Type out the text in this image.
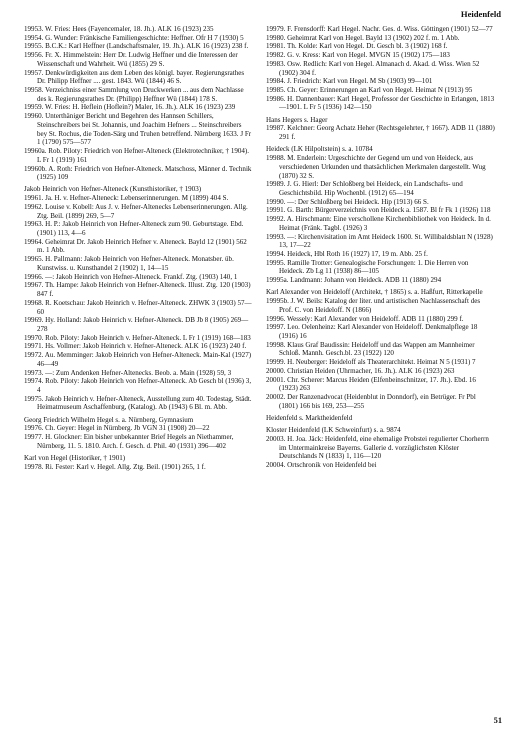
Heidenfeld

19953. W. Fries: Hees (Fayencemaler, 18. Jh.). ALK 16 (1923) 235

19954. G. Wunder: Fränkische Familiengeschichte: Heffner. Ofr H 7 (1930) 5

19955. B.C.K.: Karl Heffner (Landschaftsmaler, 19. Jh.). ALK 16 (1923) 238 f.

19956. Fr. X. Himmelstein: Herr Dr. Ludwig Heffner und die Interessen der Wissenschaft und Wahrheit. Wü (1855) 29 S.

19957. Denkwürdigkeiten aus dem Leben des königl. bayer. Regierungsrathes Dr. Philipp Heffner .... gest. 1843. Wü (1844) 46 S.

19958. Verzeichniss einer Sammlung von Druckwerken ... aus dem Nachlasse des k. Regierungsrathes Dr. (Philipp) Heffner Wü (1844) 178 S.

19959. W. Fries: H. Heflein (Hoflein?) Maler, 16. Jh.). ALK 16 (1923) 239

19960. Unterthäniger Bericht und Begehren des Hannsen Schillers, Steinschreibers bei St. Johannis, und Joachim Hefners ... Steinschreibers bey St. Rochus, die Toden-Särg und Truhen betreffend. Nürnberg 1633. J Fr 1 (1790) 575—577

19960a. Rob. Piloty: Friedrich von Hefner-Alteneck (Elektrotechniker, † 1904). L Fr 1 (1919) 161

19960b. A. Roth: Friedrich von Hefner-Alteneck. Matschoss, Männer d. Technik (1925) 109

Jakob Heinrich von Hefner-Alteneck (Kunsthistoriker, † 1903)

19961. Ja. H. v. Hefner-Alteneck: Lebenserinnerungen. M (1899) 404 S.

19962. Louise v. Kobell: Aus J. v. Hefner-Altenecks Lebenserinnerungen. Allg. Ztg. Beil. (1899) 269, 5—7

19963. H. P.: Jakob Heinrich von Hefner-Alteneck zum 90. Geburtstage. Ebd. (1901) 113, 4—6

19964. Geheimrat Dr. Jakob Heinrich Hefner v. Alteneck. Bayld 12 (1901) 562 m. 1 Abb.

19965. H. Pallmann: Jakob Heinrich von Hefner-Alteneck. Monatsber. üb. Kunstwiss. u. Kunsthandel 2 (1902) 1, 14—15

19966. —: Jakob Heinrich von Hefner-Alteneck. Frankf. Ztg. (1903) 140, 1

19967. Th. Hampe: Jakob Heinrich von Hefner-Alteneck. Illust. Ztg. 120 (1903) 847 f.

19968. R. Koetschau: Jakob Heinrich v. Hefner-Alteneck. ZHWK 3 (1903) 57—60

19969. Hy. Holland: Jakob Heinrich v. Hefner-Alteneck. DB Jb 8 (1905) 269—278

19970. Rob. Piloty: Jakob Heinrich v. Hefner-Alteneck. L Fr 1 (1919) 168—183

19971. Hs. Vollmer: Jakob Heinrich v. Hefner-Alteneck. ALK 16 (1923) 240 f.

19972. Au. Memminger: Jakob Heinrich von Hefner-Alteneck. Main-Kal (1927) 46—49

19973. —: Zum Andenken Hefner-Altenecks. Beob. a. Main (1928) 59, 3

19974. Rob. Piloty: Jakob Heinrich von Hefner-Alteneck. Ab Gesch bl (1936) 3, 4

19975. Jakob Heinrich v. Hefner-Alteneck, Ausstellung zum 40. Todestag, Städt. Heimatmuseum Aschaffenburg, (Katalog). Ab (1943) 6 Bl. m. Abb.

Georg Friedrich Wilhelm Hegel s. a. Nürnberg, Gymnasium

19976. Ch. Geyer: Hegel in Nürnberg. Jb VGN 31 (1908) 20—22

19977. H. Glockner: Ein bisher unbekannter Brief Hegels an Niethammer, Nürnberg, 11. 5. 1810. Arch. f. Gesch. d. Phil. 40 (1931) 396—402

Karl von Hegel (Historiker, † 1901)

19978. Ri. Fester: Karl v. Hegel. Allg. Ztg. Beil. (1901) 265, 1 f.

19979. F. Frensdorff: Karl Hegel. Nachr. Ges. d. Wiss. Göttingen (1901) 52—77

19980. Geheimrat Karl von Hegel. Bayld 13 (1902) 202 f. m. 1 Abb.

19981. Th. Kolde: Karl von Hegel. Dt. Gesch bl. 3 (1902) 168 f.

19982. G. v. Kress: Karl von Hegel. MVGN 15 (1902) 175—183

19983. Osw. Redlich: Karl von Hegel. Almanach d. Akad. d. Wiss. Wien 52 (1902) 304 f.

19984. J. Friedrich: Karl von Hegel. M Sb (1903) 99—101

19985. Ch. Geyer: Erinnerungen an Karl von Hegel. Heimat N (1913) 95

19986. H. Dannenbauer: Karl Hegel, Professor der Geschichte in Erlangen, 1813—1901. L Fr 5 (1936) 142—150

Hans Hegers s. Hager

19987. Kelchner: Georg Achatz Heher (Rechtsgelehrter, † 1667). ADB 11 (1880) 291 f.

Heideck (LK Hilpoltstein) s. a. 10784

19988. M. Enderlein: Urgeschichte der Gegend um und von Heideck, aus verschiedenen Urkunden und thatsächlichen Merkmalen dargestellt. Wug (1870) 32 S.

19989. J. G. Hierl: Der Schloßberg bei Heideck, ein Landschafts- und Geschichtsbild. Hip Wochenbl. (1912) 65—194

19990. —: Der Schloßberg bei Heideck. Hip (1913) 66 S.

19991. G. Barth: Bürgerverzeichnis von Heideck a. 1587. Bl fr Fk 1 (1926) 118

19992. A. Hirschmann: Eine verschollene Kirchenbibliothek von Heideck. In d. Heimat (Fränk. Tagbl. (1926) 3

19993. —: Kirchenvisitation im Amt Heideck 1600. St. Willibaldsblatt N (1928) 13, 17—22

19994. Heideck, Hbl Roth 16 (1927) 17, 19 m. Abb. 25 f.

19995. Ramille Trotter: Genealogische Forschungen: 1. Die Herren von Heideck. Zb Lg 11 (1938) 86—105

19995a. Landmann: Johann von Heideck. ADB 11 (1880) 294

Karl Alexander von Heideloff (Architekt, † 1865) s. a. Haßfurt, Ritterkapelle

19995b. J. W. Beils: Katalog der liter. und artistischen Nachlassenschaft des Prof. C. von Heideloff. N (1866)

19996. Wessely: Karl Alexander von Heideloff. ADB 11 (1880) 299 f.

19997. Leo. Oelenheinz: Karl Alexander von Heideloff. Denkmalpflege 18 (1916) 16

19998. Klaus Graf Baudissin: Heideloff und das Wappen am Mannheimer Schloß. Mannh. Gesch.bl. 23 (1922) 120

19999. H. Neuberger: Heideloff als Theaterarchitekt. Heimat N 5 (1931) 7

20000. Christian Heiden (Uhrmacher, 16. Jh.). ALK 16 (1923) 263

20001. Chr. Scherer: Marcus Heiden (Elfenbeinschnitzer, 17. Jh.). Ebd. 16 (1923) 263

20002. Der Ranzenadvocat (Heidenblut in Donndorf), ein Betrüger. Fr Pbl (1801) 166 bis 169, 253—255

Heidenfeld s. Marktheidenfeld

Kloster Heidenfeld (LK Schweinfurt) s. a. 9874

20003. H. Joa. Jäck: Heidenfeld, eine ehemalige Probstei regulierter Chorherrn im Untermainkreise Bayerns. Gallerie d. vorzüglichsten Klöster Deutschlands N (1833) 1, 116—120

20004. Ortschronik von Heidenfeld bei

51
